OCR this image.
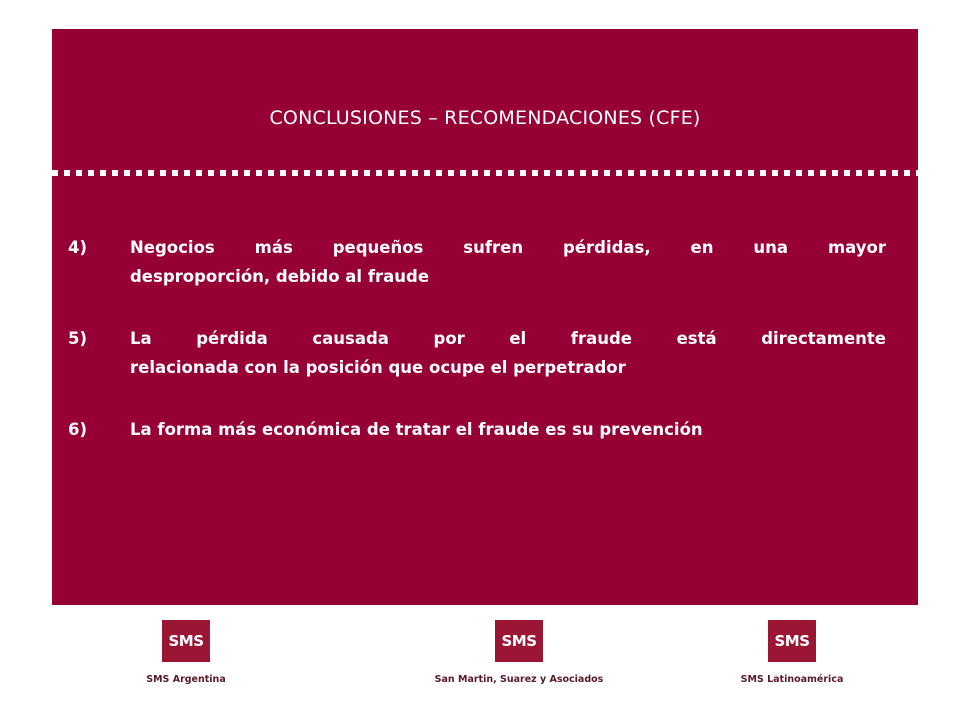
CONCLUSIONES – RECOMENDACIONES (CFE)
4)	Negocios más pequeños sufren pérdidas, en una mayor
desproporción, debido al fraude
5)	La pérdida causada por el fraude está directamente
relacionada con la posición que ocupe el perpetrador
6)	La forma más económica de tratar el fraude es su prevención
SMS
SMS Argentina
SMS
San Martin, Suarez y Asociados
SMS
SMS Latinoamérica
